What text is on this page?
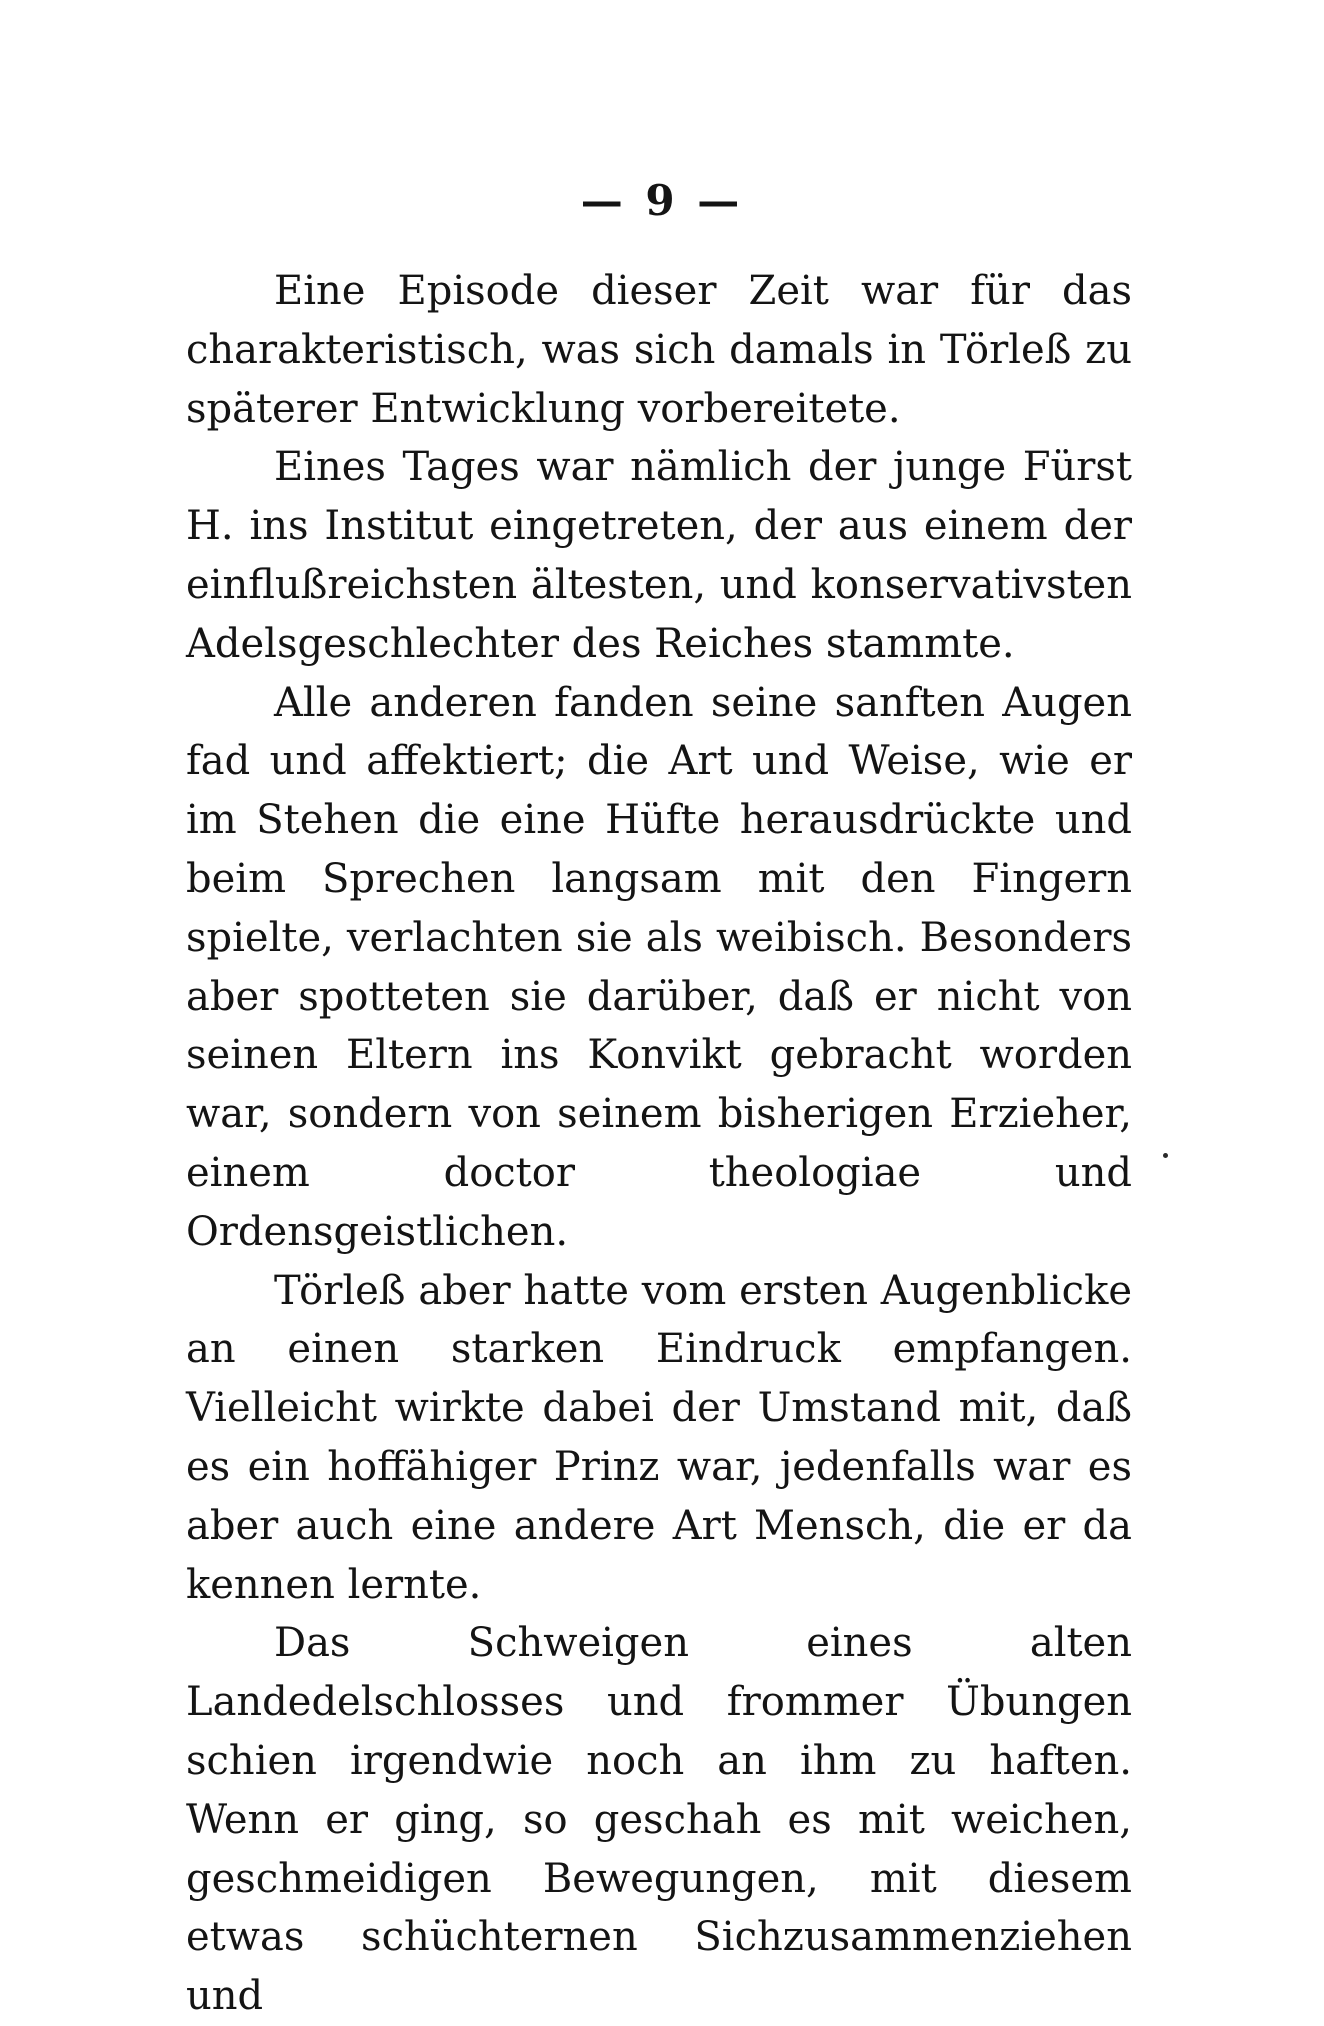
— 9 —

Eine Episode dieser Zeit war für das charakteristisch, was sich damals in Törleß zu späterer Entwicklung vorbereitete.

Eines Tages war nämlich der junge Fürst H. ins Institut eingetreten, der aus einem der einflußreichsten ältesten, und konservativsten Adelsgeschlechter des Reiches stammte.

Alle anderen fanden seine sanften Augen fad und affektiert; die Art und Weise, wie er im Stehen die eine Hüfte herausdrückte und beim Sprechen langsam mit den Fingern spielte, verlachten sie als weibisch. Besonders aber spotteten sie darüber, daß er nicht von seinen Eltern ins Konvikt gebracht worden war, sondern von seinem bisherigen Erzieher, einem doctor theologiae und Ordensgeistlichen.

Törleß aber hatte vom ersten Augenblicke an einen starken Eindruck empfangen. Vielleicht wirkte dabei der Umstand mit, daß es ein hoffähiger Prinz war, jedenfalls war es aber auch eine andere Art Mensch, die er da kennen lernte.

Das Schweigen eines alten Landedelschlosses und frommer Übungen schien irgendwie noch an ihm zu haften. Wenn er ging, so geschah es mit weichen, geschmeidigen Bewegungen, mit diesem etwas schüchternen Sichzusammenziehen und
